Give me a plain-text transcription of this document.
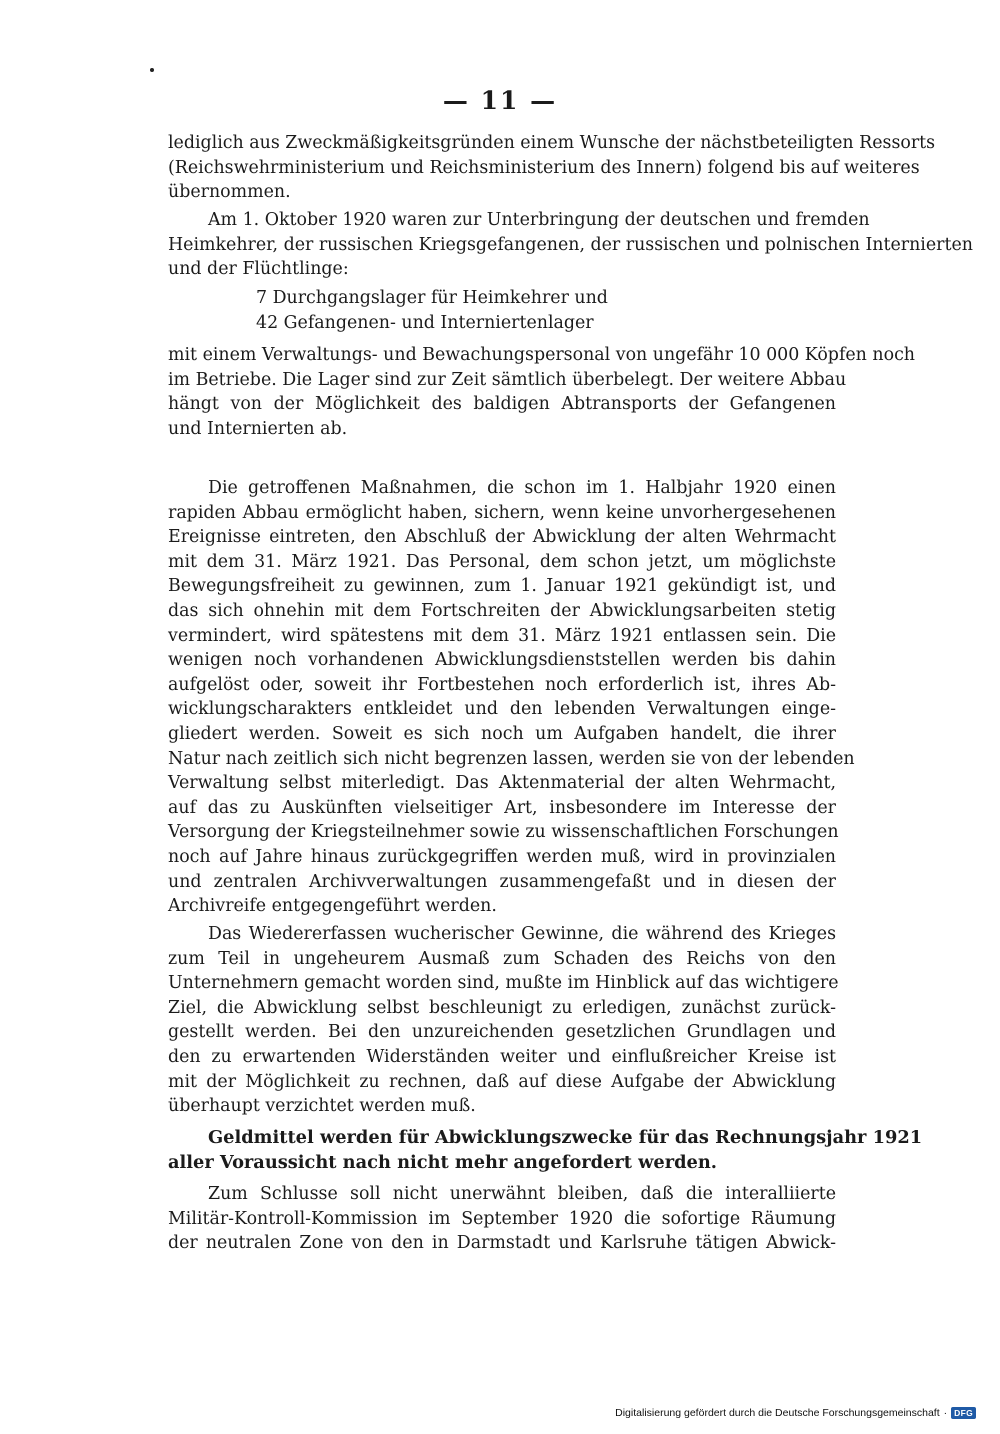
— 11 —
lediglich aus Zweckmäßigkeitsgründen einem Wunsche der nächstbeteiligten Ressorts
(Reichswehrministerium und Reichsministerium des Innern) folgend bis auf weiteres
übernommen.
Am 1. Oktober 1920 waren zur Unterbringung der deutschen und fremden
Heimkehrer, der russischen Kriegsgefangenen, der russischen und polnischen Internierten
und der Flüchtlinge:
7 Durchgangslager für Heimkehrer und
42 Gefangenen- und Interniertenlager
mit einem Verwaltungs- und Bewachungspersonal von ungefähr 10 000 Köpfen noch
im Betriebe. Die Lager sind zur Zeit sämtlich überbelegt. Der weitere Abbau
hängt von der Möglichkeit des baldigen Abtransports der Gefangenen
und Internierten ab.
Die getroffenen Maßnahmen, die schon im 1. Halbjahr 1920 einen
rapiden Abbau ermöglicht haben, sichern, wenn keine unvorhergesehenen
Ereignisse eintreten, den Abschluß der Abwicklung der alten Wehrmacht
mit dem 31. März 1921. Das Personal, dem schon jetzt, um möglichste
Bewegungsfreiheit zu gewinnen, zum 1. Januar 1921 gekündigt ist, und
das sich ohnehin mit dem Fortschreiten der Abwicklungsarbeiten stetig
vermindert, wird spätestens mit dem 31. März 1921 entlassen sein. Die
wenigen noch vorhandenen Abwicklungsdienststellen werden bis dahin
aufgelöst oder, soweit ihr Fortbestehen noch erforderlich ist, ihres Ab-
wicklungscharakters entkleidet und den lebenden Verwaltungen einge-
gliedert werden. Soweit es sich noch um Aufgaben handelt, die ihrer
Natur nach zeitlich sich nicht begrenzen lassen, werden sie von der lebenden
Verwaltung selbst miterledigt. Das Aktenmaterial der alten Wehrmacht,
auf das zu Auskünften vielseitiger Art, insbesondere im Interesse der
Versorgung der Kriegsteilnehmer sowie zu wissenschaftlichen Forschungen
noch auf Jahre hinaus zurückgegriffen werden muß, wird in provinzialen
und zentralen Archivverwaltungen zusammengefaßt und in diesen der
Archivreife entgegengeführt werden.
Das Wiedererfassen wucherischer Gewinne, die während des Krieges
zum Teil in ungeheurem Ausmaß zum Schaden des Reichs von den
Unternehmern gemacht worden sind, mußte im Hinblick auf das wichtigere
Ziel, die Abwicklung selbst beschleunigt zu erledigen, zunächst zurück-
gestellt werden. Bei den unzureichenden gesetzlichen Grundlagen und
den zu erwartenden Widerständen weiter und einflußreicher Kreise ist
mit der Möglichkeit zu rechnen, daß auf diese Aufgabe der Abwicklung
überhaupt verzichtet werden muß.
Geldmittel werden für Abwicklungszwecke für das Rechnungsjahr 1921
aller Voraussicht nach nicht mehr angefordert werden.
Zum Schlusse soll nicht unerwähnt bleiben, daß die interalliierte
Militär-Kontroll-Kommission im September 1920 die sofortige Räumung
der neutralen Zone von den in Darmstadt und Karlsruhe tätigen Abwick-
Digitalisierung gefördert durch die Deutsche Forschungsgemeinschaft · DFG
